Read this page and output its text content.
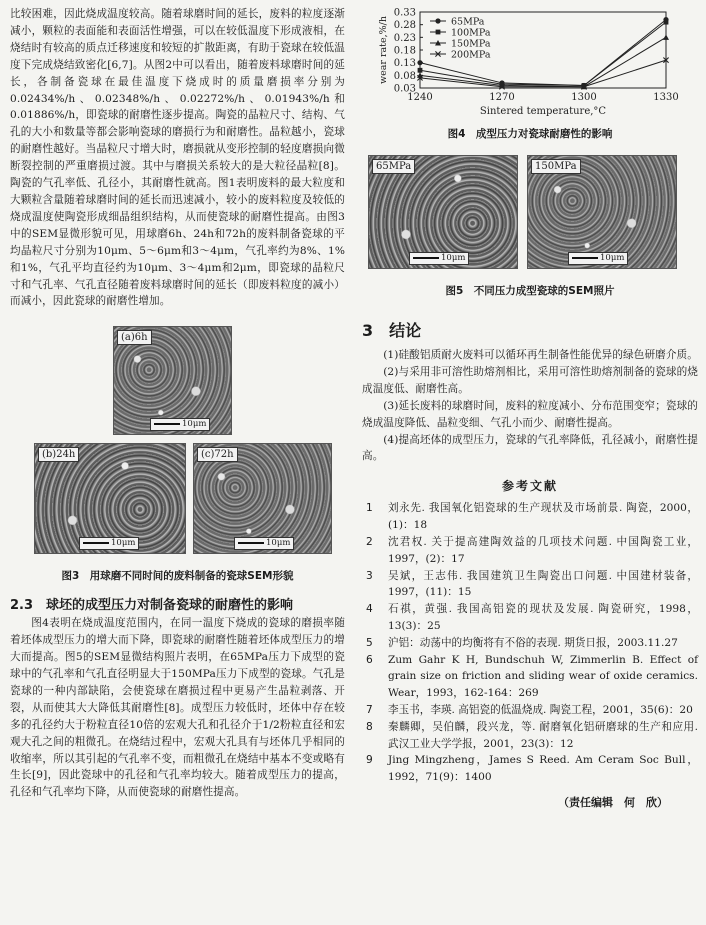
比较困难，因此烧成温度较高。随着球磨时间的延长，废料的粒度逐渐减小，颗粒的表面能和表面活性增强，可以在较低温度下形成液相，在烧结时有较高的质点迁移速度和较短的扩散距离，有助于瓷球在较低温度下完成烧结致密化[6,7]。从图2中可以看出，随着废料球磨时间的延长，各制备瓷球在最佳温度下烧成时的质量磨损率分别为 0.02434%/h、0.02348%/h、0.02272%/h、0.01943%/h和0.01886%/h，即瓷球的耐磨性逐步提高。陶瓷的晶粒尺寸、结构、气孔的大小和数量等都会影响瓷球的磨损行为和耐磨性。晶粒越小，瓷球的耐磨性越好。当晶粒尺寸增大时，磨损就从变形控制的轻度磨损向微断裂控制的严重磨损过渡。其中与磨损关系较大的是大粒径晶粒[8]。陶瓷的气孔率低、孔径小，其耐磨性就高。图1表明废料的最大粒度和大颗粒含量随着球磨时间的延长而迅速减小，较小的废料粒度及较低的烧成温度使陶瓷形成细晶组织结构，从而使瓷球的耐磨性提高。由图3中的SEM显微形貌可见，用球磨6h、24h和72h的废料制备瓷球的平均晶粒尺寸分别为10μm、5～6μm和3～4μm，气孔率约为8%、1%和1%，气孔平均直径约为10μm、3～4μm和2μm，即瓷球的晶粒尺寸和气孔率、气孔直径随着废料球磨时间的延长（即废料粒度的减小）而减小，因此瓷球的耐磨性增加。

(a)6h
10μm
(b)24h
10μm
(c)72h
10μm

图3　用球磨不同时间的废料制备的瓷球SEM形貌

2.3　球坯的成型压力对制备瓷球的耐磨性的影响

图4表明在烧成温度范围内，在同一温度下烧成的瓷球的磨损率随着坯体成型压力的增大而下降，即瓷球的耐磨性随着坯体成型压力的增大而提高。图5的SEM显微结构照片表明，在65MPa压力下成型的瓷球中的气孔率和气孔直径明显大于150MPa压力下成型的瓷球。气孔是瓷球的一种内部缺陷，会使瓷球在磨损过程中更易产生晶粒剥落、开裂，从而使其大大降低其耐磨性[8]。成型压力较低时，坯体中存在较多的孔径约大于粉粒直径10倍的宏观大孔和孔径介于1/2粉粒直径和宏观大孔之间的粗微孔。在烧结过程中，宏观大孔具有与坯体几乎相同的收缩率，所以其引起的气孔率不变，而粗微孔在烧结中基本不变或略有生长[9]，因此瓷球中的孔径和气孔率均较大。随着成型压力的提高，孔径和气孔率均下降，从而使瓷球的耐磨性提高。

0.03
0.08
0.13
0.18
0.23
0.28
0.33
1240	1270	1300	1330
Sintered temperature,°C
wear rate,%/h	65MPa
100MPa
150MPa
200MPa

图4　成型压力对瓷球耐磨性的影响

65MPa
10μm
150MPa
10μm

图5　不同压力成型瓷球的SEM照片

3　结论

(1)硅酸铝质耐火废料可以循环再生制备性能优异的绿色研磨介质。

(2)与采用非可溶性助熔剂相比，采用可溶性助熔剂制备的瓷球的烧成温度低、耐磨性高。

(3)延长废料的球磨时间，废料的粒度减小、分布范围变窄；瓷球的烧成温度降低、晶粒变细、气孔小而少、耐磨性提高。

(4)提高坯体的成型压力，瓷球的气孔率降低，孔径减小，耐磨性提高。

参考文献

1	刘永先. 我国氧化铝瓷球的生产现状及市场前景. 陶瓷，2000，(1)：18
2	沈君权. 关于提高建陶效益的几项技术问题. 中国陶瓷工业，1997，(2)：17
3	吴斌，王志伟. 我国建筑卫生陶瓷出口问题. 中国建材装备，1997，(11)：15
4	石祺，黄强. 我国高铝瓷的现状及发展. 陶瓷研究，1998，13(3)：25
5	沪铝：动荡中的均衡将有不俗的表现. 期货日报，2003.11.27
6	Zum Gahr K H, Bundschuh W, Zimmerlin B. Effect of grain size on friction and sliding wear of oxide ceramics. Wear，1993，162-164：269
7	李玉书，李瑛. 高铝瓷的低温烧成. 陶瓷工程，2001，35(6)：20
8	秦麟卿，吴伯麟，段兴龙，等. 耐磨氧化铝研磨球的生产和应用. 武汉工业大学学报，2001，23(3)：12
9	Jing Mingzheng，James S Reed. Am Ceram Soc Bull，1992，71(9)：1400

（责任编辑　何　欣）
